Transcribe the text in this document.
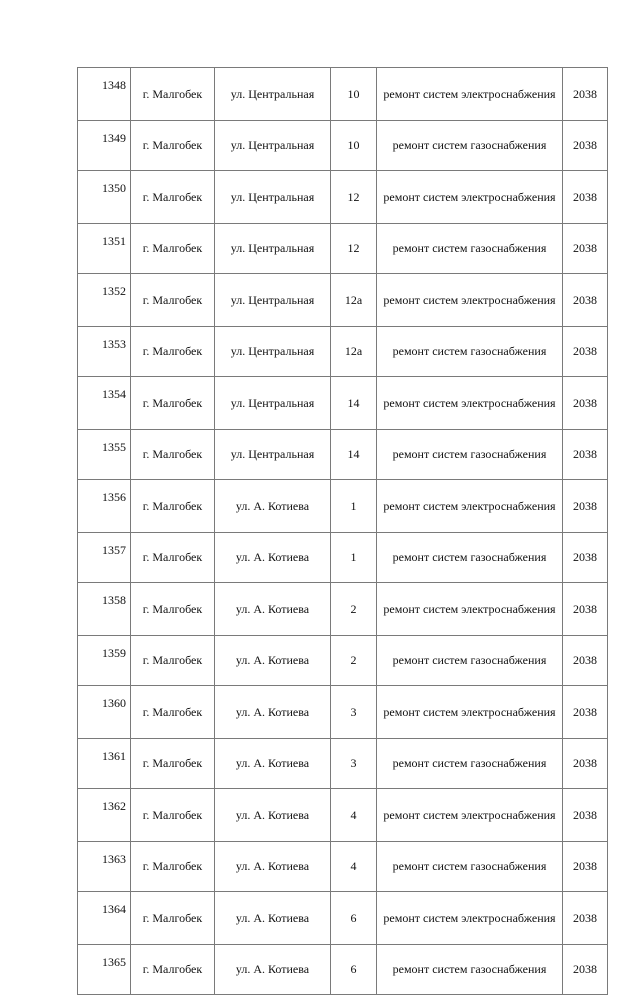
1348	г. Малгобек	ул. Центральная	10	ремонт систем электроснабжения	2038
1349	г. Малгобек	ул. Центральная	10	ремонт систем газоснабжения	2038
1350	г. Малгобек	ул. Центральная	12	ремонт систем электроснабжения	2038
1351	г. Малгобек	ул. Центральная	12	ремонт систем газоснабжения	2038
1352	г. Малгобек	ул. Центральная	12а	ремонт систем электроснабжения	2038
1353	г. Малгобек	ул. Центральная	12а	ремонт систем газоснабжения	2038
1354	г. Малгобек	ул. Центральная	14	ремонт систем электроснабжения	2038
1355	г. Малгобек	ул. Центральная	14	ремонт систем газоснабжения	2038
1356	г. Малгобек	ул. А. Котиева	1	ремонт систем электроснабжения	2038
1357	г. Малгобек	ул. А. Котиева	1	ремонт систем газоснабжения	2038
1358	г. Малгобек	ул. А. Котиева	2	ремонт систем электроснабжения	2038
1359	г. Малгобек	ул. А. Котиева	2	ремонт систем газоснабжения	2038
1360	г. Малгобек	ул. А. Котиева	3	ремонт систем электроснабжения	2038
1361	г. Малгобек	ул. А. Котиева	3	ремонт систем газоснабжения	2038
1362	г. Малгобек	ул. А. Котиева	4	ремонт систем электроснабжения	2038
1363	г. Малгобек	ул. А. Котиева	4	ремонт систем газоснабжения	2038
1364	г. Малгобек	ул. А. Котиева	6	ремонт систем электроснабжения	2038
1365	г. Малгобек	ул. А. Котиева	6	ремонт систем газоснабжения	2038
